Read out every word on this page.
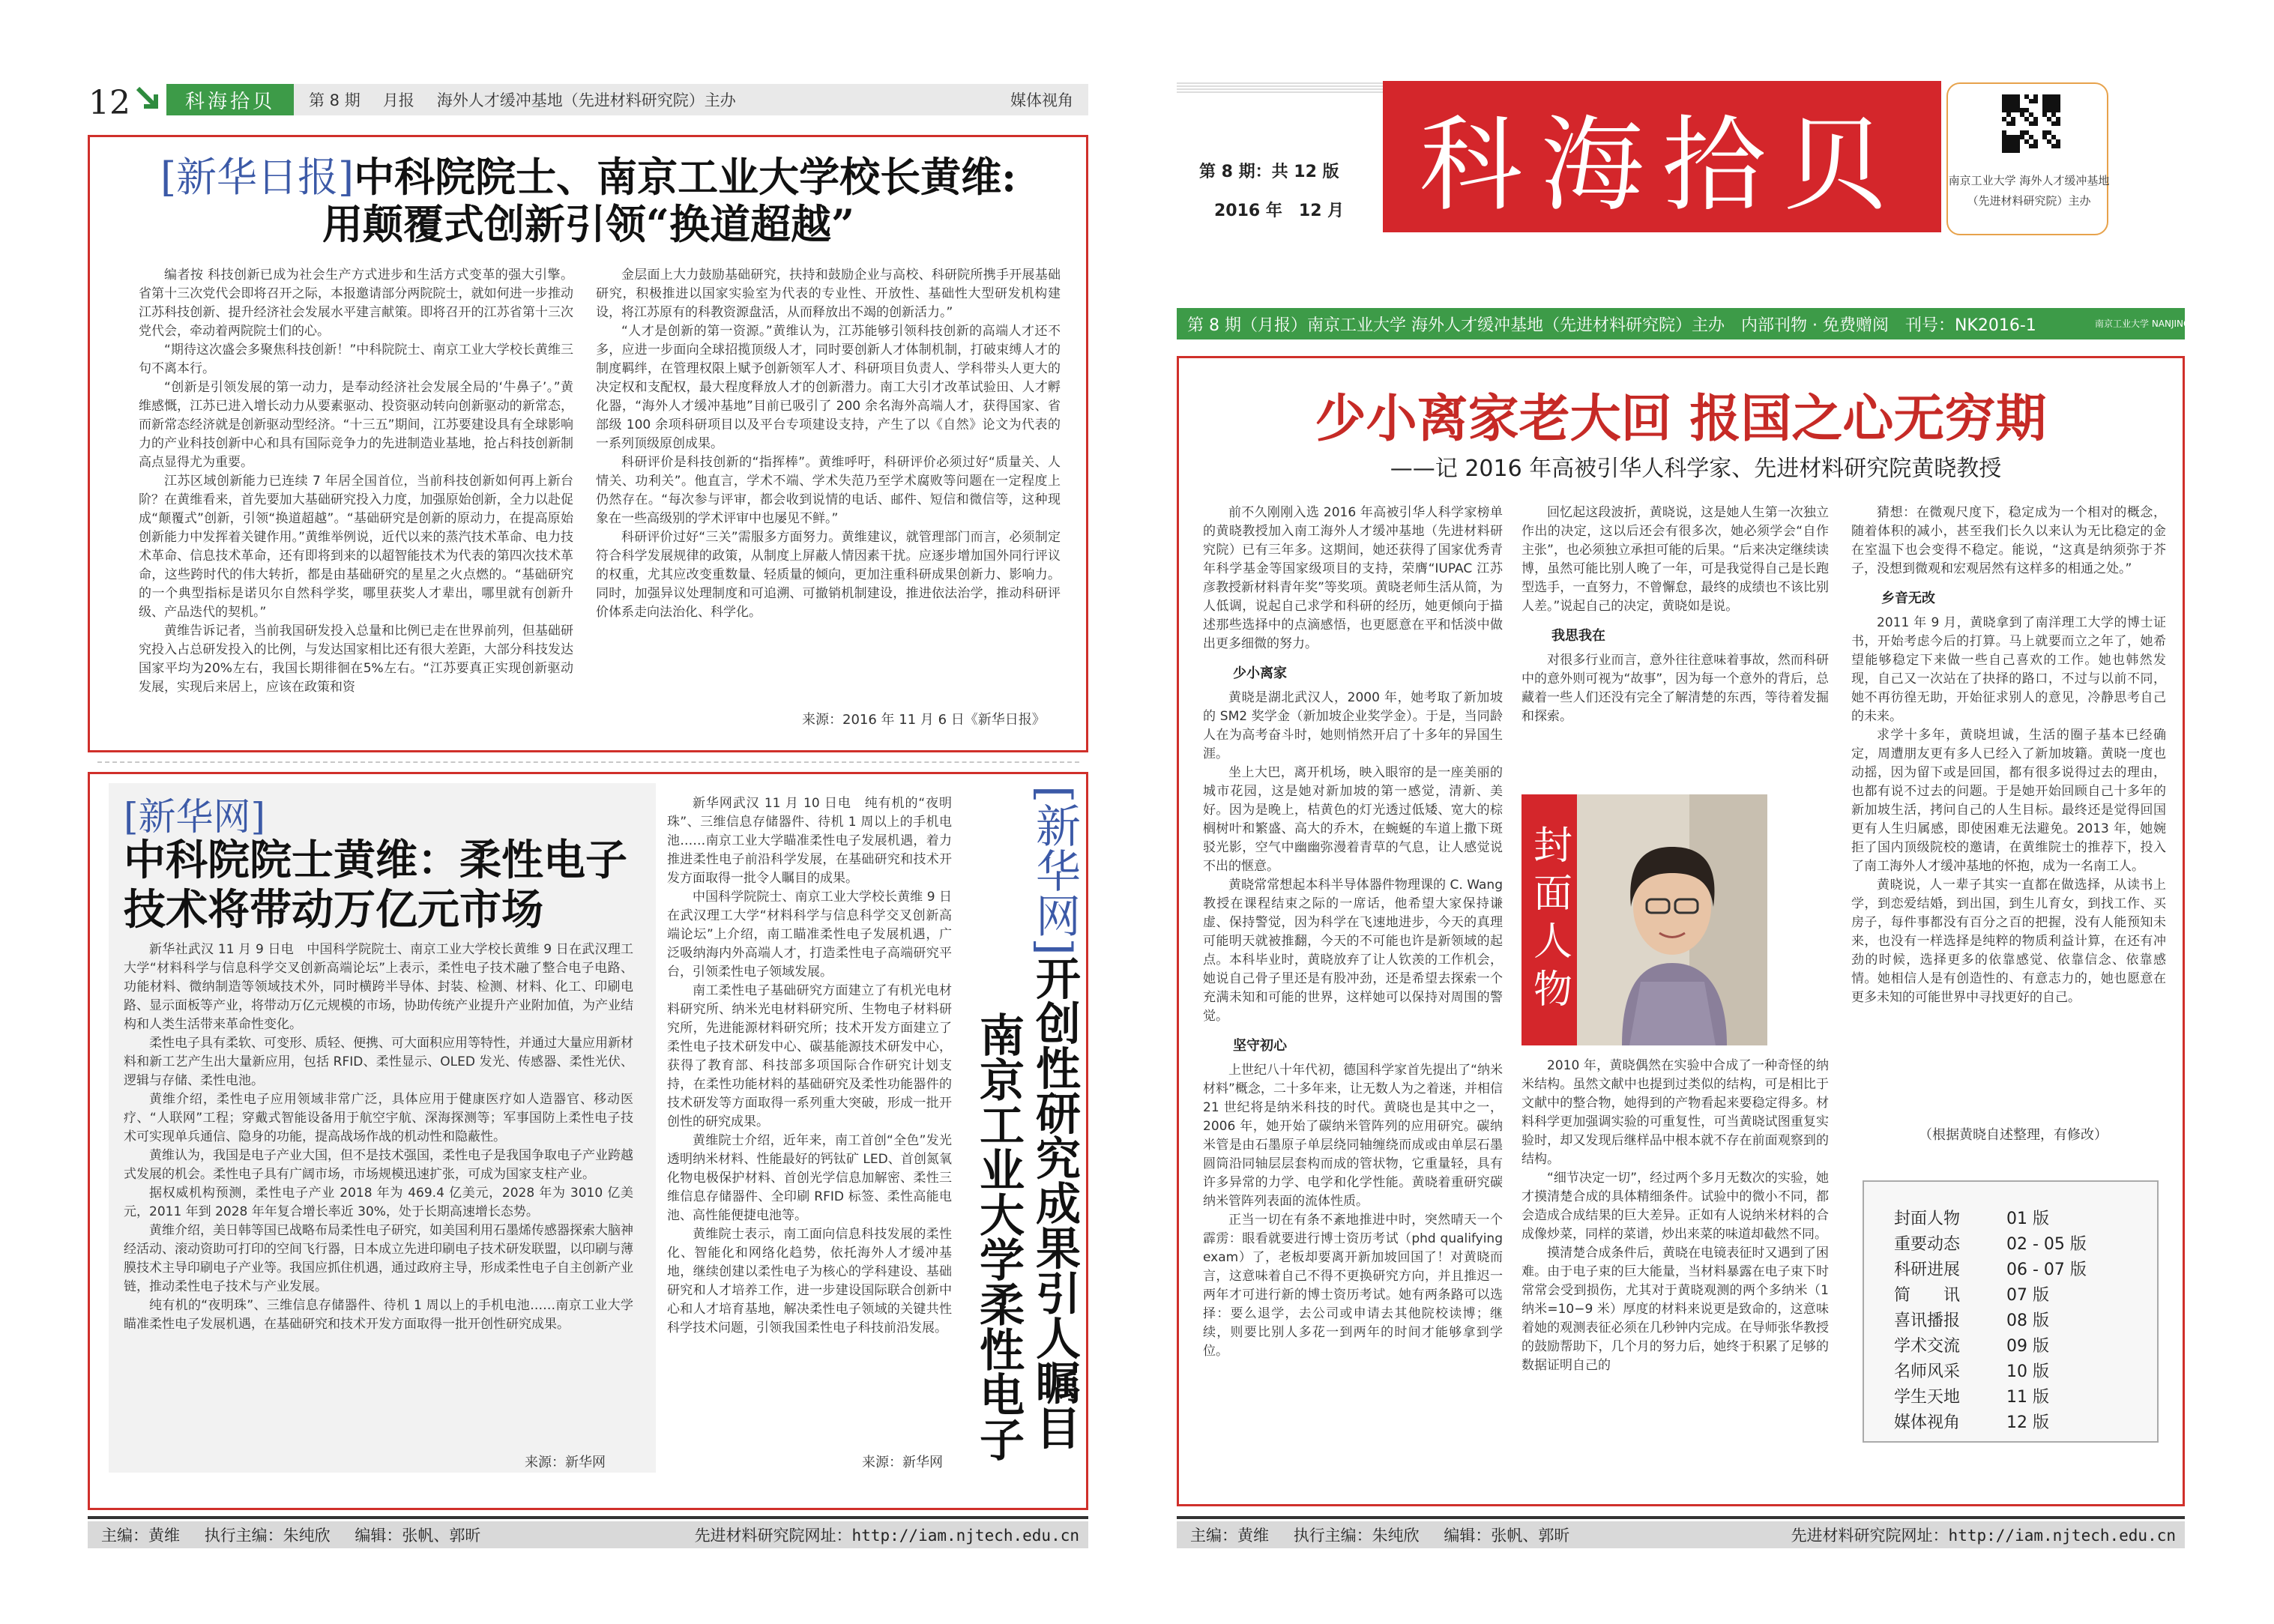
12	科海拾贝	第 8 期 月报 海外人才缓冲基地（先进材料研究院）主办	媒体视角
[新华日报]中科院院士、南京工业大学校长黄维:
用颠覆式创新引领“换道超越”

编者按 科技创新已成为社会生产方式进步和生活方式变革的强大引擎。省第十三次党代会即将召开之际，本报邀请部分两院院士，就如何进一步推动江苏科技创新、提升经济社会发展水平建言献策。即将召开的江苏省第十三次党代会，牵动着两院院士们的心。

“期待这次盛会多聚焦科技创新！”中科院院士、南京工业大学校长黄维三句不离本行。

“创新是引领发展的第一动力，是奉动经济社会发展全局的‘牛鼻子’。”黄维感慨，江苏已进入增长动力从要素驱动、投资驱动转向创新驱动的新常态，而新常态经济就是创新驱动型经济。“十三五”期间，江苏要建设具有全球影响力的产业科技创新中心和具有国际竞争力的先进制造业基地，抢占科技创新制高点显得尤为重要。

江苏区域创新能力已连续 7 年居全国首位，当前科技创新如何再上新台阶？在黄维看来，首先要加大基础研究投入力度，加强原始创新，全力以赴促成“颠覆式”创新，引领“换道超越”。“基础研究是创新的原动力，在提高原始创新能力中发挥着关键作用。”黄维举例说，近代以来的蒸汽技术革命、电力技术革命、信息技术革命，还有即将到来的以超智能技术为代表的第四次技术革命，这些跨时代的伟大转折，都是由基础研究的星星之火点燃的。“基础研究的一个典型指标是诺贝尔自然科学奖，哪里获奖人才辈出，哪里就有创新升级、产品迭代的契机。”

黄维告诉记者，当前我国研发投入总量和比例已走在世界前列，但基础研究投入占总研发投入的比例，与发达国家相比还有很大差距，大部分科技发达国家平均为20%左右，我国长期徘徊在5%左右。“江苏要真正实现创新驱动发展，实现后来居上，应该在政策和资

金层面上大力鼓励基础研究，扶持和鼓励企业与高校、科研院所携手开展基础研究，积极推进以国家实验室为代表的专业性、开放性、基础性大型研发机构建设，将江苏原有的科教资源盘活，从而释放出不竭的创新活力。”

“人才是创新的第一资源。”黄维认为，江苏能够引领科技创新的高端人才还不多，应进一步面向全球招揽顶级人才，同时要创新人才体制机制，打破束缚人才的制度羁绊，在管理权限上赋予创新领军人才、科研项目负责人、学科带头人更大的决定权和支配权，最大程度释放人才的创新潜力。南工大引才改革试验田、人才孵化器，“海外人才缓冲基地”目前已吸引了 200 余名海外高端人才，获得国家、省部级 100 余项科研项目以及平台专项建设支持，产生了以《自然》论文为代表的一系列顶级原创成果。

科研评价是科技创新的“指挥棒”。黄维呼吁，科研评价必须过好“质量关、人情关、功利关”。他直言，学术不端、学术失范乃至学术腐败等问题在一定程度上仍然存在。“每次参与评审，都会收到说情的电话、邮件、短信和微信等，这种现象在一些高级别的学术评审中也屡见不鲜。”

科研评价过好“三关”需服多方面努力。黄维建议，就管理部门而言，必须制定符合科学发展规律的政策，从制度上屏蔽人情因素干扰。应逐步增加国外同行评议的权重，尤其应改变重数量、轻质量的倾向，更加注重科研成果创新力、影响力。同时，加强异议处理制度和可追溯、可撤销机制建设，推进依法治学，推动科研评价体系走向法治化、科学化。

来源：2016 年 11 月 6 日《新华日报》
[新华网]
中科院院士黄维：柔性电子技术将带动万亿元市场

新华社武汉 11 月 9 日电　中国科学院院士、南京工业大学校长黄维 9 日在武汉理工大学“材料科学与信息科学交叉创新高端论坛”上表示，柔性电子技术融了整合电子电路、功能材料、微纳制造等领域技术外，同时横跨半导体、封装、检测、材料、化工、印刷电路、显示面板等产业，将带动万亿元规模的市场，协助传统产业提升产业附加值，为产业结构和人类生活带来革命性变化。

柔性电子具有柔软、可变形、质轻、便携、可大面积应用等特性，并通过大量应用新材料和新工艺产生出大量新应用，包括 RFID、柔性显示、OLED 发光、传感器、柔性光伏、逻辑与存储、柔性电池。

黄维介绍，柔性电子应用领域非常广泛，具体应用于健康医疗如人造器官、移动医疗、“人联网”工程；穿戴式智能设备用于航空宇航、深海探测等；军事国防上柔性电子技术可实现单兵通信、隐身的功能，提高战场作战的机动性和隐蔽性。

黄维认为，我国是电子产业大国，但不是技术强国，柔性电子是我国争取电子产业跨越式发展的机会。柔性电子具有广阔市场，市场规模迅速扩张，可成为国家支柱产业。

据权威机构预测，柔性电子产业 2018 年为 469.4 亿美元，2028 年为 3010 亿美元，2011 年到 2028 年年复合增长率近 30%，处于长期高速增长态势。

黄维介绍，美日韩等国已战略布局柔性电子研究，如美国利用石墨烯传感器探索大脑神经活动、滚动资助可打印的空间飞行器，日本成立先进印刷电子技术研发联盟，以印刷与薄膜技术主导印刷电子产业等。我国应抓住机遇，通过政府主导，形成柔性电子自主创新产业链，推动柔性电子技术与产业发展。

纯有机的“夜明珠”、三维信息存储器件、待机 1 周以上的手机电池……南京工业大学瞄准柔性电子发展机遇，在基础研究和技术开发方面取得一批开创性研究成果。

来源：新华网

新华网武汉 11 月 10 日电　纯有机的“夜明珠”、三维信息存储器件、待机 1 周以上的手机电池……南京工业大学瞄准柔性电子发展机遇，着力推进柔性电子前沿科学发展，在基础研究和技术开发方面取得一批令人瞩目的成果。

中国科学院院士、南京工业大学校长黄维 9 日在武汉理工大学“材料科学与信息科学交叉创新高端论坛”上介绍，南工瞄准柔性电子发展机遇，广泛吸纳海内外高端人才，打造柔性电子高端研究平台，引领柔性电子领域发展。

南工柔性电子基础研究方面建立了有机光电材料研究所、纳米光电材料研究所、生物电子材料研究所，先进能源材料研究所；技术开发方面建立了柔性电子技术研发中心、碳基能源技术研发中心，获得了教育部、科技部多项国际合作研究计划支持，在柔性功能材料的基础研究及柔性功能器件的技术研发等方面取得一系列重大突破，形成一批开创性的研究成果。

黄维院士介绍，近年来，南工首创“全色”发光透明纳米材料、性能最好的钙钛矿 LED、首创氮氧化物电极保护材料、首创光学信息加解密、柔性三维信息存储器件、全印刷 RFID 标签、柔性高能电池、高性能便捷电池等。

黄维院士表示，南工面向信息科技发展的柔性化、智能化和网络化趋势，依托海外人才缓冲基地，继续创建以柔性电子为核心的学科建设、基础研究和人才培养工作，进一步建设国际联合创新中心和人才培育基地，解决柔性电子领域的关键共性科学技术问题，引领我国柔性电子科技前沿发展。

来源：新华网
[新华网]开创性研究成果引人瞩目
南京工业大学柔性电子
主编：黄维 执行主编：朱纯欣 编辑：张帆、郭昕	先进材料研究院网址：http://iam.njtech.edu.cn
第 8 期：共 12 版
2016 年　12 月 科海拾贝	南京工业大学 海外人才缓冲基地
（先进材料研究院）主办
第 8 期（月报）南京工业大学 海外人才缓冲基地（先进材料研究院）主办　内部刊物 · 免费赠阅　刊号：NK2016-1	南京工业大学 NANJING TECH UNIVERSITY
少小离家老大回 报国之心无穷期
——记 2016 年高被引华人科学家、先进材料研究院黄晓教授

前不久刚刚入选 2016 年高被引华人科学家榜单的黄晓教授加入南工海外人才缓冲基地（先进材料研究院）已有三年多。这期间，她还获得了国家优秀青年科学基金等国家级项目的支持，荣膺“IUPAC 江苏彦教授新材料青年奖”等奖项。黄晓老师生活从简，为人低调，说起自己求学和科研的经历，她更倾向于描述那些选择中的点滴感悟，也更愿意在平和恬淡中做出更多细微的努力。

少小离家

黄晓是湖北武汉人，2000 年，她考取了新加坡的 SM2 奖学金（新加坡企业奖学金）。于是，当同龄人在为高考奋斗时，她则悄然开启了十多年的异国生涯。

坐上大巴，离开机场，映入眼帘的是一座美丽的城市花园，这是她对新加坡的第一感觉，清新、美好。因为是晚上，桔黄色的灯光透过低矮、宽大的棕榈树叶和繁盛、高大的乔木，在蜿蜒的车道上撒下斑驳光影，空气中幽幽弥漫着青草的气息，让人感觉说不出的惬意。

黄晓常常想起本科半导体器件物理课的 C. Wang 教授在课程结束之际的一席话，他希望大家保持谦虚、保持警觉，因为科学在飞速地进步，今天的真理可能明天就被推翻，今天的不可能也许是新领域的起点。本科毕业时，黄晓放弃了让人钦羡的工作机会，她说自己骨子里还是有股冲劲，还是希望去探索一个充满未知和可能的世界，这样她可以保持对周围的警觉。

坚守初心

上世纪八十年代初，德国科学家首先提出了“纳米材料”概念，二十多年来，让无数人为之着迷，并相信 21 世纪将是纳米科技的时代。黄晓也是其中之一，2006 年，她开始了碳纳米管阵列的应用研究。碳纳米管是由石墨原子单层绕同轴缠绕而成或由单层石墨圆筒沿同轴层层套构而成的管状物，它重量轻，具有许多异常的力学、电学和化学性能。黄晓着重研究碳纳米管阵列表面的流体性质。

正当一切在有条不紊地推进中时，突然晴天一个霹雳：眼看就要进行博士资历考试（phd qualifying exam）了，老板却要离开新加坡回国了！对黄晓而言，这意味着自己不得不更换研究方向，并且推迟一两年才可进行新的博士资历考试。她有两条路可以选择：要么退学，去公司或申请去其他院校读博；继续，则要比别人多花一到两年的时间才能够拿到学位。

回忆起这段波折，黄晓说，这是她人生第一次独立作出的决定，这以后还会有很多次，她必须学会“自作主张”，也必须独立承担可能的后果。“后来决定继续读博，虽然可能比别人晚了一年，可是我觉得自己是长跑型选手，一直努力，不曾懈怠，最终的成绩也不该比别人差。”说起自己的决定，黄晓如是说。

我思我在

对很多行业而言，意外往往意味着事故，然而科研中的意外则可视为“故事”，因为每一个意外的背后，总藏着一些人们还没有完全了解清楚的东西，等待着发掘和探索。

封面人物

2010 年，黄晓偶然在实验中合成了一种奇怪的纳米结构。虽然文献中也提到过类似的结构，可是相比于文献中的整合物，她得到的产物看起来要稳定得多。材料科学更加强调实验的可重复性，可当黄晓试图重复实验时，却又发现后继样品中根本就不存在前面观察到的结构。

“细节决定一切”，经过两个多月无数次的实验，她才摸清楚合成的具体精细条件。试验中的微小不同，都会造成合成结果的巨大差异。正如有人说纳米材料的合成像炒菜，同样的菜谱，炒出来菜的味道却截然不同。

摸清楚合成条件后，黄晓在电镜表征时又遇到了困难。由于电子束的巨大能量，当材料暴露在电子束下时常常会受到损伤，尤其对于黄晓观测的两个多纳米（1 纳米=10−9 米）厚度的材料来说更是致命的，这意味着她的观测表征必须在几秒钟内完成。在导师张华教授的鼓励帮助下，几个月的努力后，她终于积累了足够的数据证明自己的

猜想：在微观尺度下，稳定成为一个相对的概念，随着体积的减小，甚至我们长久以来认为无比稳定的金在室温下也会变得不稳定。能说，“这真是纳须弥于芥子，没想到微观和宏观居然有这样多的相通之处。”

乡音无改

2011 年 9 月，黄晓拿到了南洋理工大学的博士证书，开始考虑今后的打算。马上就要而立之年了，她希望能够稳定下来做一些自己喜欢的工作。她也韩然发现，自己又一次站在了抉择的路口，不过与以前不同，她不再彷徨无助，开始征求别人的意见，冷静思考自己的未来。

求学十多年，黄晓坦诚，生活的圈子基本已经确定，周遭朋友更有多人已经入了新加坡籍。黄晓一度也动摇，因为留下或是回国，都有很多说得过去的理由，也都有说不过去的问题。于是她开始回顾自己十多年的新加坡生活，拷问自己的人生目标。最终还是觉得回国更有人生归属感，即使困难无法避免。2013 年，她婉拒了国内顶级院校的邀请，在黄维院士的推荐下，投入了南工海外人才缓冲基地的怀抱，成为一名南工人。

黄晓说，人一辈子其实一直都在做选择，从读书上学，到恋爱结婚，到出国，到生儿育女，到找工作、买房子，每件事都没有百分之百的把握，没有人能预知未来，也没有一样选择是纯粹的物质利益计算，在还有冲劲的时候，选择更多的依靠感觉、依靠信念、依靠感情。她相信人是有创造性的、有意志力的，她也愿意在更多未知的可能世界中寻找更好的自己。

（根据黄晓自述整理，有修改）
封面人物	01 版
重要动态	02 - 05 版
科研进展	06 - 07 版
简　　讯	07 版
喜讯播报	08 版
学术交流	09 版
名师风采	10 版
学生天地	11 版
媒体视角	12 版
主编：黄维 执行主编：朱纯欣 编辑：张帆、郭昕	先进材料研究院网址：http://iam.njtech.edu.cn
